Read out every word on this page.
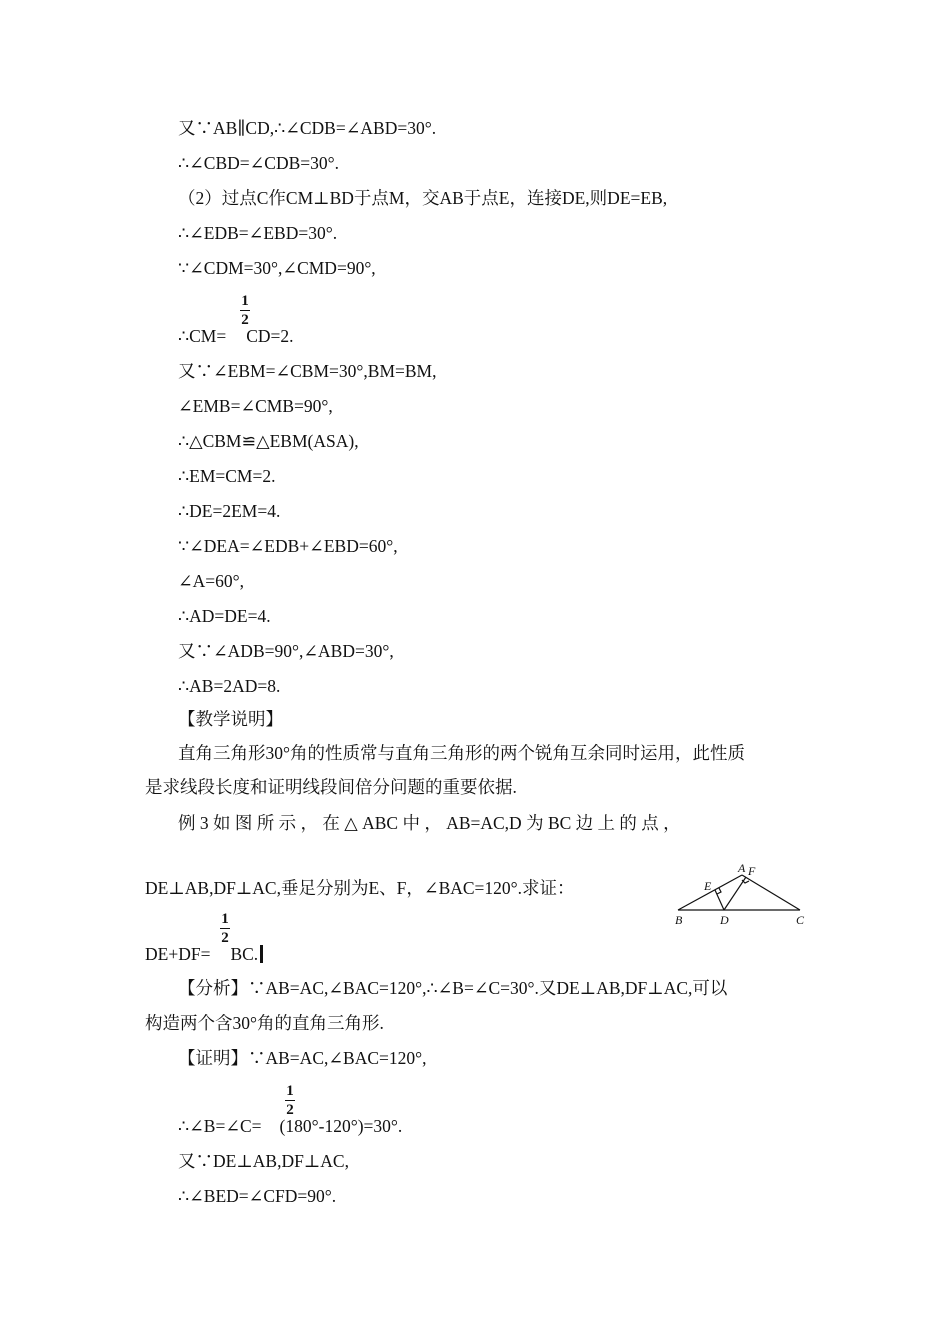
又∵AB∥CD,∴∠CDB=∠ABD=30°.
∴∠CBD=∠CDB=30°.
（2）过点C作CM⊥BD于点M，交AB于点E，连接DE,则DE=EB,
∴∠EDB=∠EBD=30°.
∵∠CDM=30°,∠CMD=90°,
1
2
∴CM= CD=2.
又∵∠EBM=∠CBM=30°,BM=BM,
∠EMB=∠CMB=90°,
∴△CBM≌△EBM(ASA),
∴EM=CM=2.
∴DE=2EM=4.
∵∠DEA=∠EDB+∠EBD=60°,
∠A=60°,
∴AD=DE=4.
又∵∠ADB=90°,∠ABD=30°,
∴AB=2AD=8.
【教学说明】
直角三角形30°角的性质常与直角三角形的两个锐角互余同时运用，此性质
是求线段长度和证明线段间倍分问题的重要依据.
例 3 如 图 所 示 ， 在 △ ABC 中 ， AB=AC,D 为 BC 边 上 的 点 ，
DE⊥AB,DF⊥AC,垂足分别为E、F，∠BAC=120°.求证：
A F
E
B	D	C
1
2
DE+DF= BC.
【分析】∵AB=AC,∠BAC=120°,∴∠B=∠C=30°.又DE⊥AB,DF⊥AC,可以
构造两个含30°角的直角三角形.
【证明】∵AB=AC,∠BAC=120°,
1
2
∴∠B=∠C= (180°-120°)=30°.
又∵DE⊥AB,DF⊥AC,
∴∠BED=∠CFD=90°.
